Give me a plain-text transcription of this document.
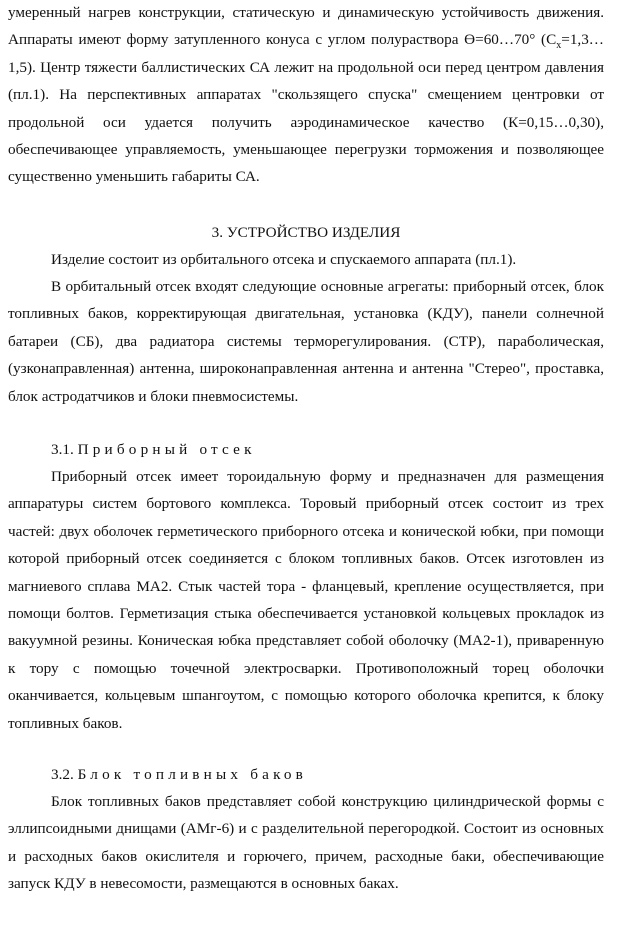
умеренный нагрев конструкции, статическую и динамическую устойчивость движения. Аппараты имеют форму затупленного конуса с углом полураствора ϴ=60…70° $(C_x=1,3\dots 1,5)$. Центр тяжести баллистических СА лежит на продольной оси перед центром давления (пл.1). На перспективных аппаратах "скользящего спуска" смещением центровки от продольной оси удается получить аэродинамическое качество (К=0,15…0,30), обеспечивающее управляемость, уменьшающее перегрузки торможения и позволяющее существенно уменьшить габариты СА.

3. УСТРОЙСТВО ИЗДЕЛИЯ

Изделие состоит из орбитального отсека и спускаемого аппарата (пл.1).

В орбитальный отсек входят следующие основные агрегаты: приборный отсек, блок топливных баков, корректирующая двигательная, установка (КДУ), панели солнечной батареи (СБ), два радиатора системы терморегулирования. (СТР), параболическая, (узконаправленная) антенна, широконаправленная антенна и антенна "Стерео", проставка, блок астродатчиков и блоки пневмосистемы.

3.1. Приборный отсек

Приборный отсек имеет тороидальную форму и предназначен для размещения аппаратуры систем бортового комплекса. Торовый приборный отсек состоит из трех частей: двух оболочек герметического приборного отсека и конической юбки, при помощи которой приборный отсек соединяется с блоком топливных баков. Отсек изготовлен из магниевого сплава МА2. Стык частей тора - фланцевый, крепление осуществляется, при помощи болтов. Герметизация стыка обеспечивается установкой кольцевых прокладок из вакуумной резины. Коническая юбка представляет собой оболочку (МА2-1), приваренную к тору с помощью точечной электросварки. Противоположный торец оболочки оканчивается, кольцевым шпангоутом, с помощью которого оболочка крепится, к блоку топливных баков.

3.2. Блок топливных баков

Блок топливных баков представляет собой конструкцию цилиндрической формы с эллипсоидными днищами (АМг-6) и с разделительной перегородкой. Состоит из основных и расходных баков окислителя и горючего, причем, расходные баки, обеспечивающие запуск КДУ в невесомости, размещаются в основных баках.
